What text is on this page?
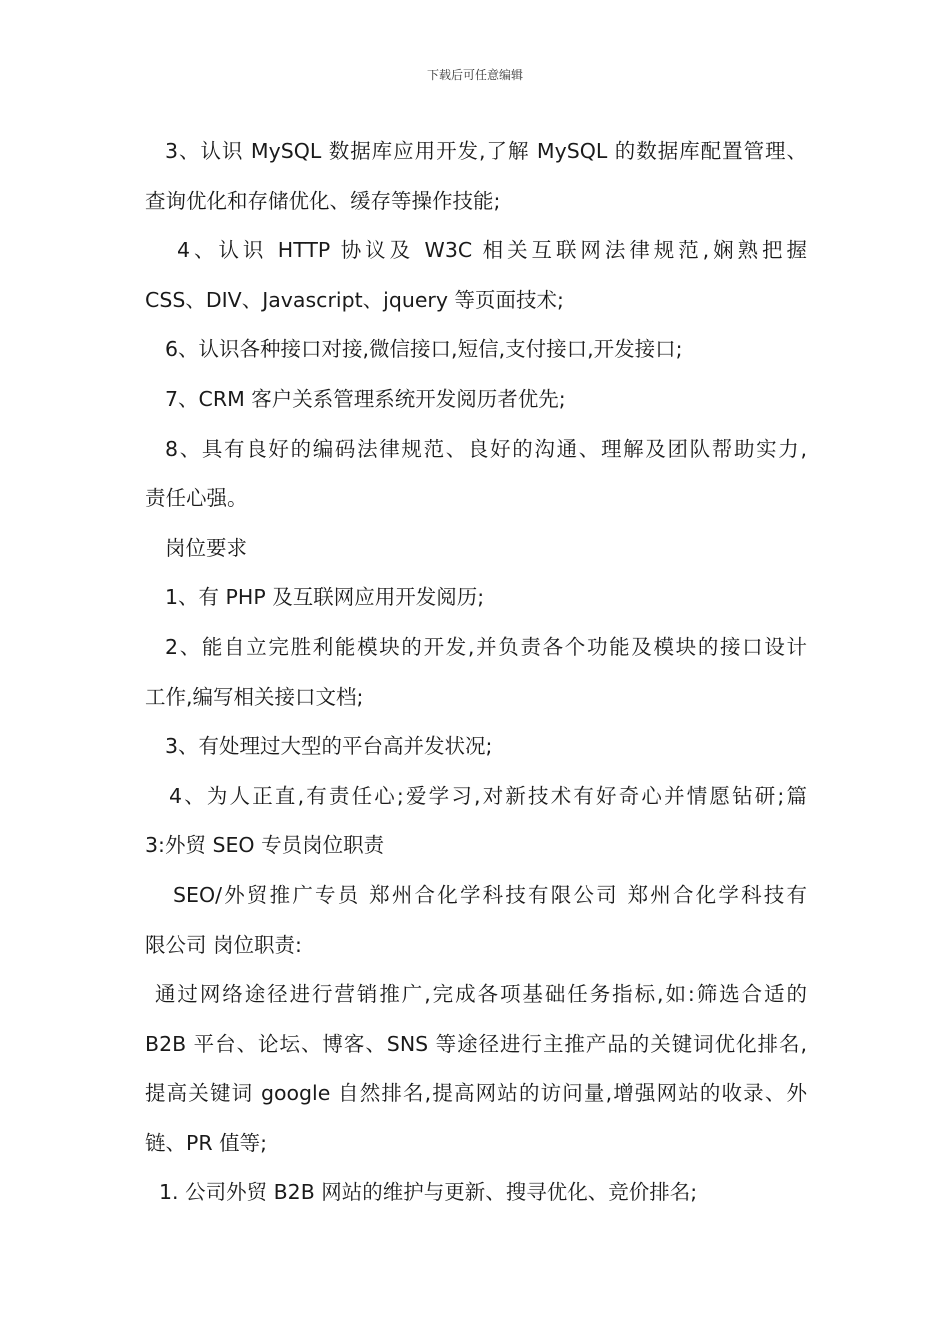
下载后可任意编辑
3、认识 MySQL 数据库应用开发,了解 MySQL 的数据库配置管理、
查询优化和存储优化、缓存等操作技能;
4、认识 HTTP 协议及 W3C 相关互联网法律规范,娴熟把握
CSS、DIV、Javascript、jquery 等页面技术;
6、认识各种接口对接,微信接口,短信,支付接口,开发接口;
7、CRM 客户关系管理系统开发阅历者优先;
8、具有良好的编码法律规范、良好的沟通、理解及团队帮助实力,
责任心强。
岗位要求
1、有 PHP 及互联网应用开发阅历;
2、能自立完胜利能模块的开发,并负责各个功能及模块的接口设计
工作,编写相关接口文档;
3、有处理过大型的平台高并发状况;
4、为人正直,有责任心;爱学习,对新技术有好奇心并情愿钻研;篇
3:外贸 SEO 专员岗位职责
SEO/外贸推广专员 郑州合化学科技有限公司 郑州合化学科技有
限公司 岗位职责:
通过网络途径进行营销推广,完成各项基础任务指标,如:筛选合适的
B2B 平台、论坛、博客、SNS 等途径进行主推产品的关键词优化排名,
提高关键词 google 自然排名,提高网站的访问量,增强网站的收录、外
链、PR 值等;
1. 公司外贸 B2B 网站的维护与更新、搜寻优化、竞价排名;
